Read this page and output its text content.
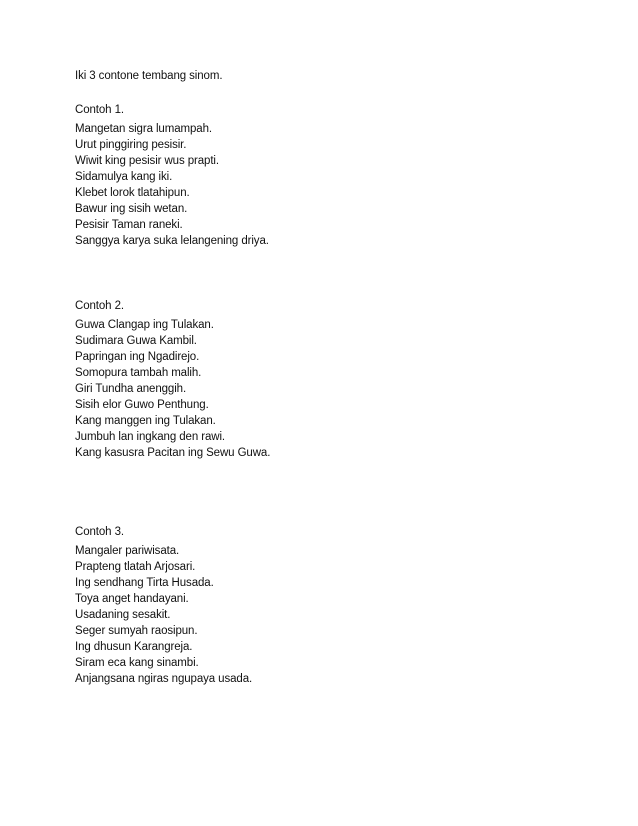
Iki 3 contone tembang sinom.
Contoh 1.
Mangetan sigra lumampah.
Urut pinggiring pesisir.
Wiwit king pesisir wus prapti.
Sidamulya kang iki.
Klebet lorok tlatahipun.
Bawur ing sisih wetan.
Pesisir Taman raneki.
Sanggya karya suka lelangening driya.
Contoh 2.
Guwa Clangap ing Tulakan.
Sudimara Guwa Kambil.
Papringan ing Ngadirejo.
Somopura tambah malih.
Giri Tundha anenggih.
Sisih elor Guwo Penthung.
Kang manggen ing Tulakan.
Jumbuh lan ingkang den rawi.
Kang kasusra Pacitan ing Sewu Guwa.
Contoh 3.
Mangaler pariwisata.
Prapteng tlatah Arjosari.
Ing sendhang Tirta Husada.
Toya anget handayani.
Usadaning sesakit.
Seger sumyah raosipun.
Ing dhusun Karangreja.
Siram eca kang sinambi.
Anjangsana ngiras ngupaya usada.
